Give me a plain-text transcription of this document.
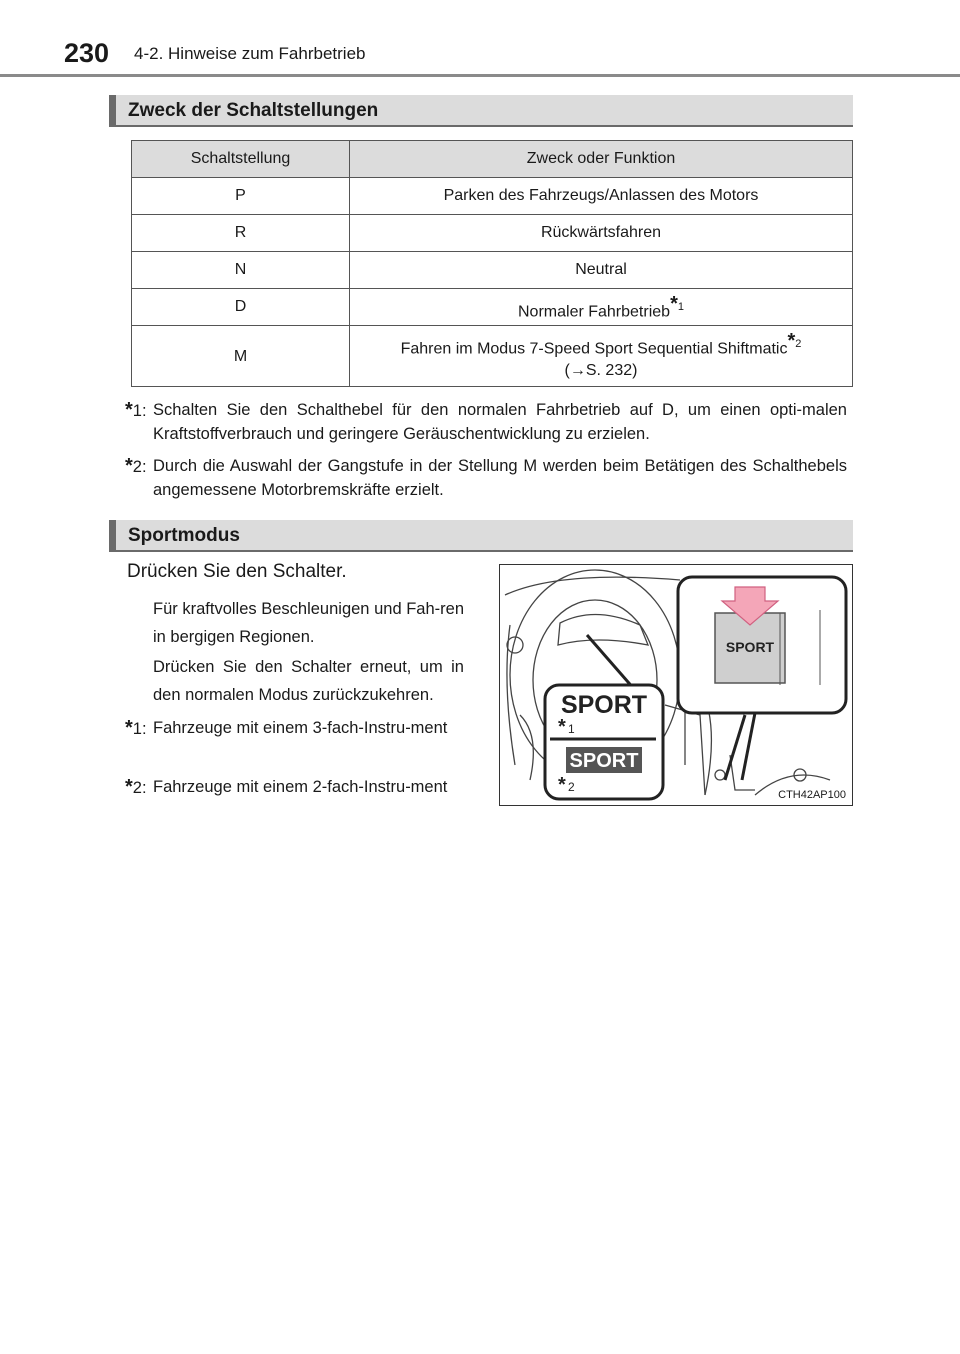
230 4-2. Hinweise zum Fahrbetrieb
Zweck der Schaltstellungen
Schaltstellung	Zweck oder Funktion
P	Parken des Fahrzeugs/Anlassen des Motors
R	Rückwärtsfahren
N	Neutral
D	Normaler Fahrbetrieb$^{*1}$
M	Fahren im Modus 7-Speed Sport Sequential Shiftmatic$^{*2}$
(→S. 232)
*1: Schalten Sie den Schalthebel für den normalen Fahrbetrieb auf D, um einen opti-malen Kraftstoffverbrauch und geringere Geräuschentwicklung zu erzielen.
*2: Durch die Auswahl der Gangstufe in der Stellung M werden beim Betätigen des Schalthebels angemessene Motorbremskräfte erzielt.
Sportmodus
Drücken Sie den Schalter.
Für kraftvolles Beschleunigen und Fah-ren in bergigen Regionen.
Drücken Sie den Schalter erneut, um in den normalen Modus zurückzukehren.
*1: Fahrzeuge mit einem 3-fach-Instru-ment
*2: Fahrzeuge mit einem 2-fach-Instru-ment
SPORT
SPORT
* 1
SPORT
* 2
CTH42AP100
